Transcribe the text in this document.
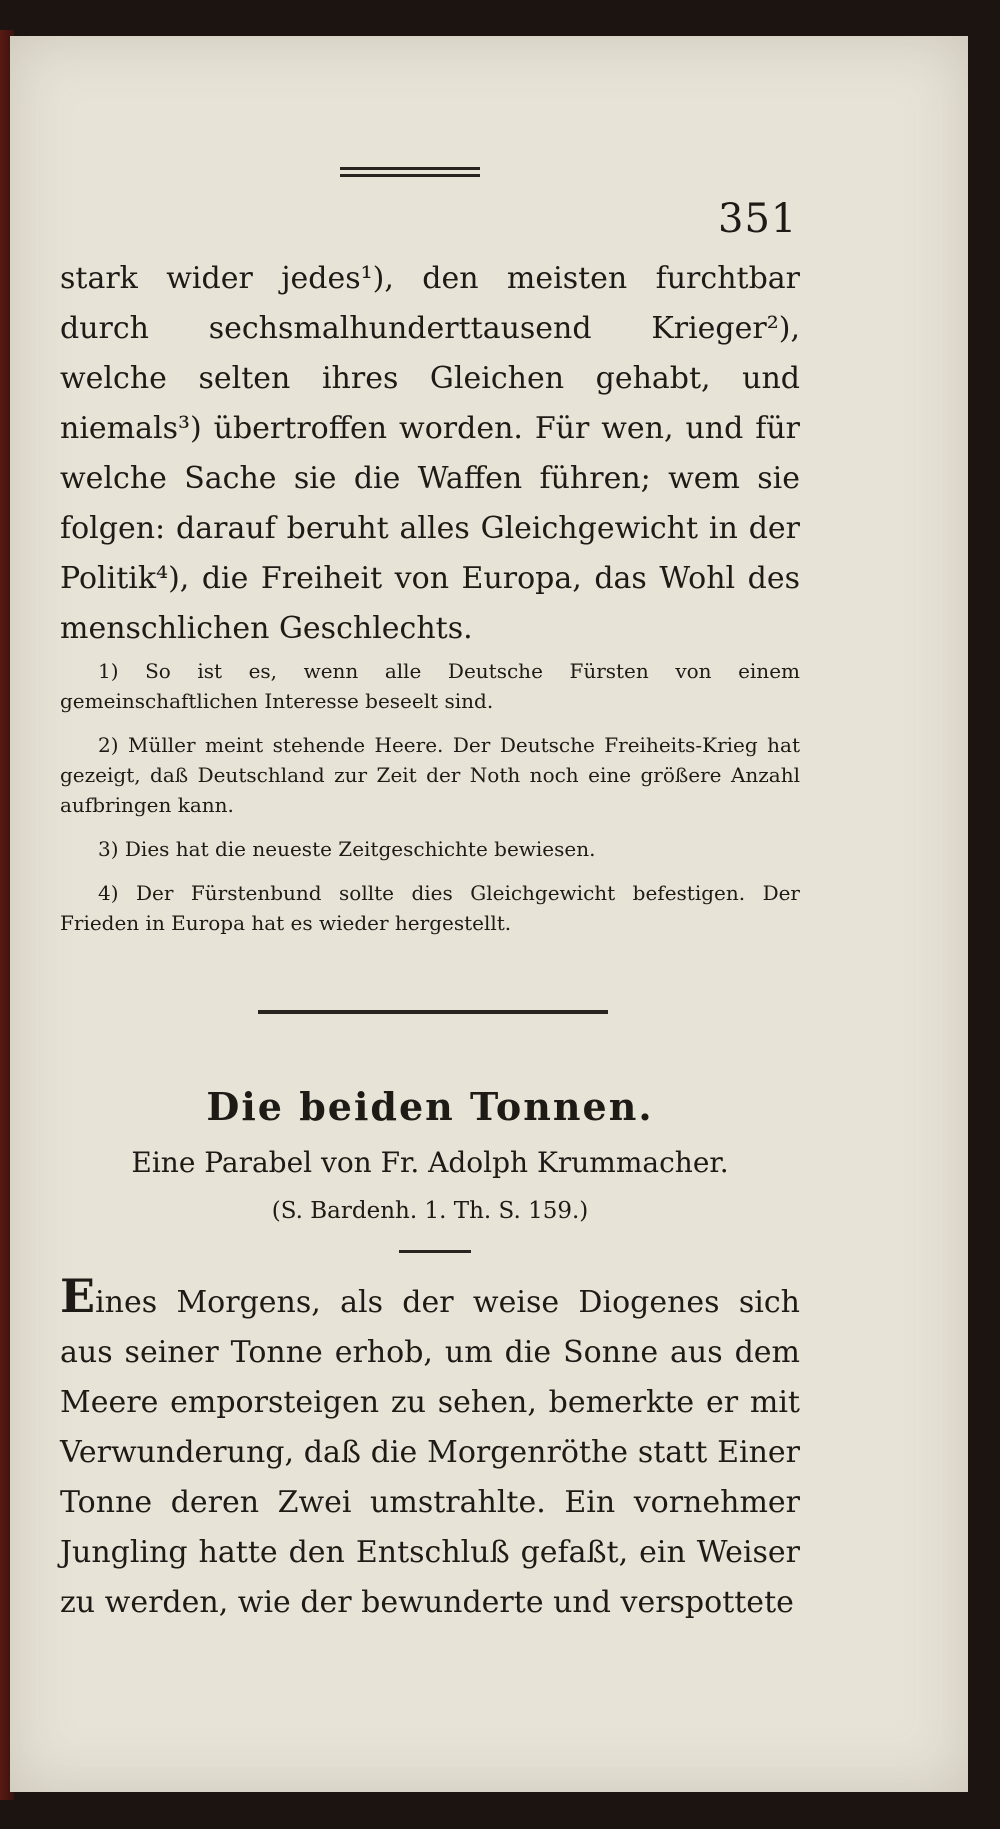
351
stark wider jedes¹), den meisten furchtbar durch sechsmalhunderttausend Krieger²), welche selten ihres Gleichen gehabt, und niemals³) übertroffen worden. Für wen, und für welche Sache sie die Waffen führen; wem sie folgen: darauf beruht alles Gleichgewicht in der Politik⁴), die Freiheit von Europa, das Wohl des menschlichen Geschlechts.

1) So ist es, wenn alle Deutsche Fürsten von einem gemeinschaftlichen Interesse beseelt sind.

2) Müller meint stehende Heere. Der Deutsche Freiheits-Krieg hat gezeigt, daß Deutschland zur Zeit der Noth noch eine größere Anzahl aufbringen kann.

3) Dies hat die neueste Zeitgeschichte bewiesen.

4) Der Fürstenbund sollte dies Gleichgewicht befestigen. Der Frieden in Europa hat es wieder hergestellt.

Die beiden Tonnen.
Eine Parabel von Fr. Adolph Krummacher.
(S. Bardenh. 1. Th. S. 159.)
Eines Morgens, als der weise Diogenes sich aus seiner Tonne erhob, um die Sonne aus dem Meere emporsteigen zu sehen, bemerkte er mit Verwunderung, daß die Morgenröthe statt Einer Tonne deren Zwei umstrahlte. Ein vornehmer Jungling hatte den Entschluß gefaßt, ein Weiser zu werden, wie der bewunderte und verspottete
